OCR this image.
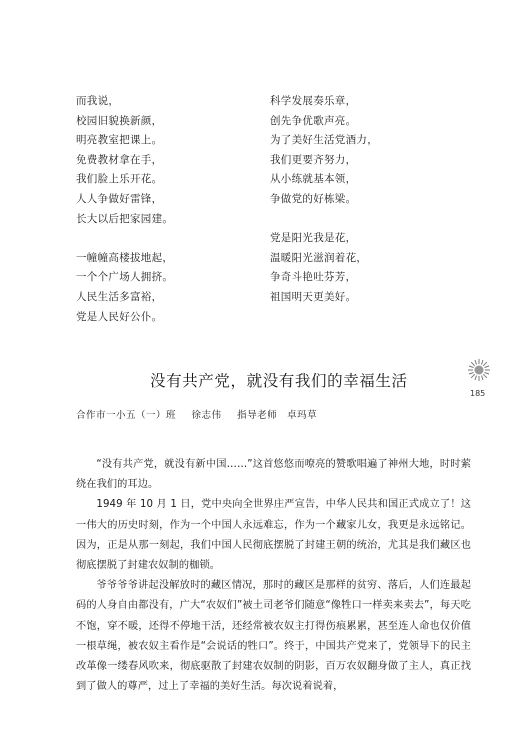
而我说，
校园旧貌换新颜，
明亮教室把课上。
免费教材拿在手，
我们脸上乐开花。
人人争做好雷锋，
长大以后把家园建。
一幢幢高楼拔地起，
一个个广场人拥挤。
人民生活多富裕，
党是人民好公仆。
科学发展奏乐章，
创先争优歌声亮。
为了美好生活党酒力，
我们更要齐努力，
从小练就基本领，
争做党的好栋梁。
党是阳光我是花，
温暖阳光滋润着花，
争奇斗艳吐芬芳，
祖国明天更美好。
185
没有共产党，就没有我们的幸福生活
合作市一小五（一）班 徐志伟 指导老师　卓玛草

“没有共产党，就没有新中国……”这首悠悠而嘹亮的赞歌唱遍了神州大地，时时萦绕在我们的耳边。

1949 年 10 月 1 日，党中央向全世界庄严宣告，中华人民共和国正式成立了！这一伟大的历史时刻，作为一个中国人永远难忘，作为一个藏家儿女，我更是永远铭记。因为，正是从那一刻起，我们中国人民彻底摆脱了封建王朝的统治，尤其是我们藏区也彻底摆脱了封建农奴制的枷锁。

爷爷爷爷讲起没解放时的藏区情况，那时的藏区是那样的贫穷、落后，人们连最起码的人身自由都没有，广大“农奴们”被土司老爷们随意“像牲口一样卖来卖去”，每天吃不饱，穿不暖，还得不停地干活，还经常被农奴主打得伤痕累累，甚至连人命也仅价值一根草绳，被农奴主看作是“会说话的牲口”。终于，中国共产党来了，党领导下的民主改革像一缕春风吹来，彻底驱散了封建农奴制的阴影，百万农奴翻身做了主人，真正找到了做人的尊严，过上了幸福的美好生活。每次说着说着，
